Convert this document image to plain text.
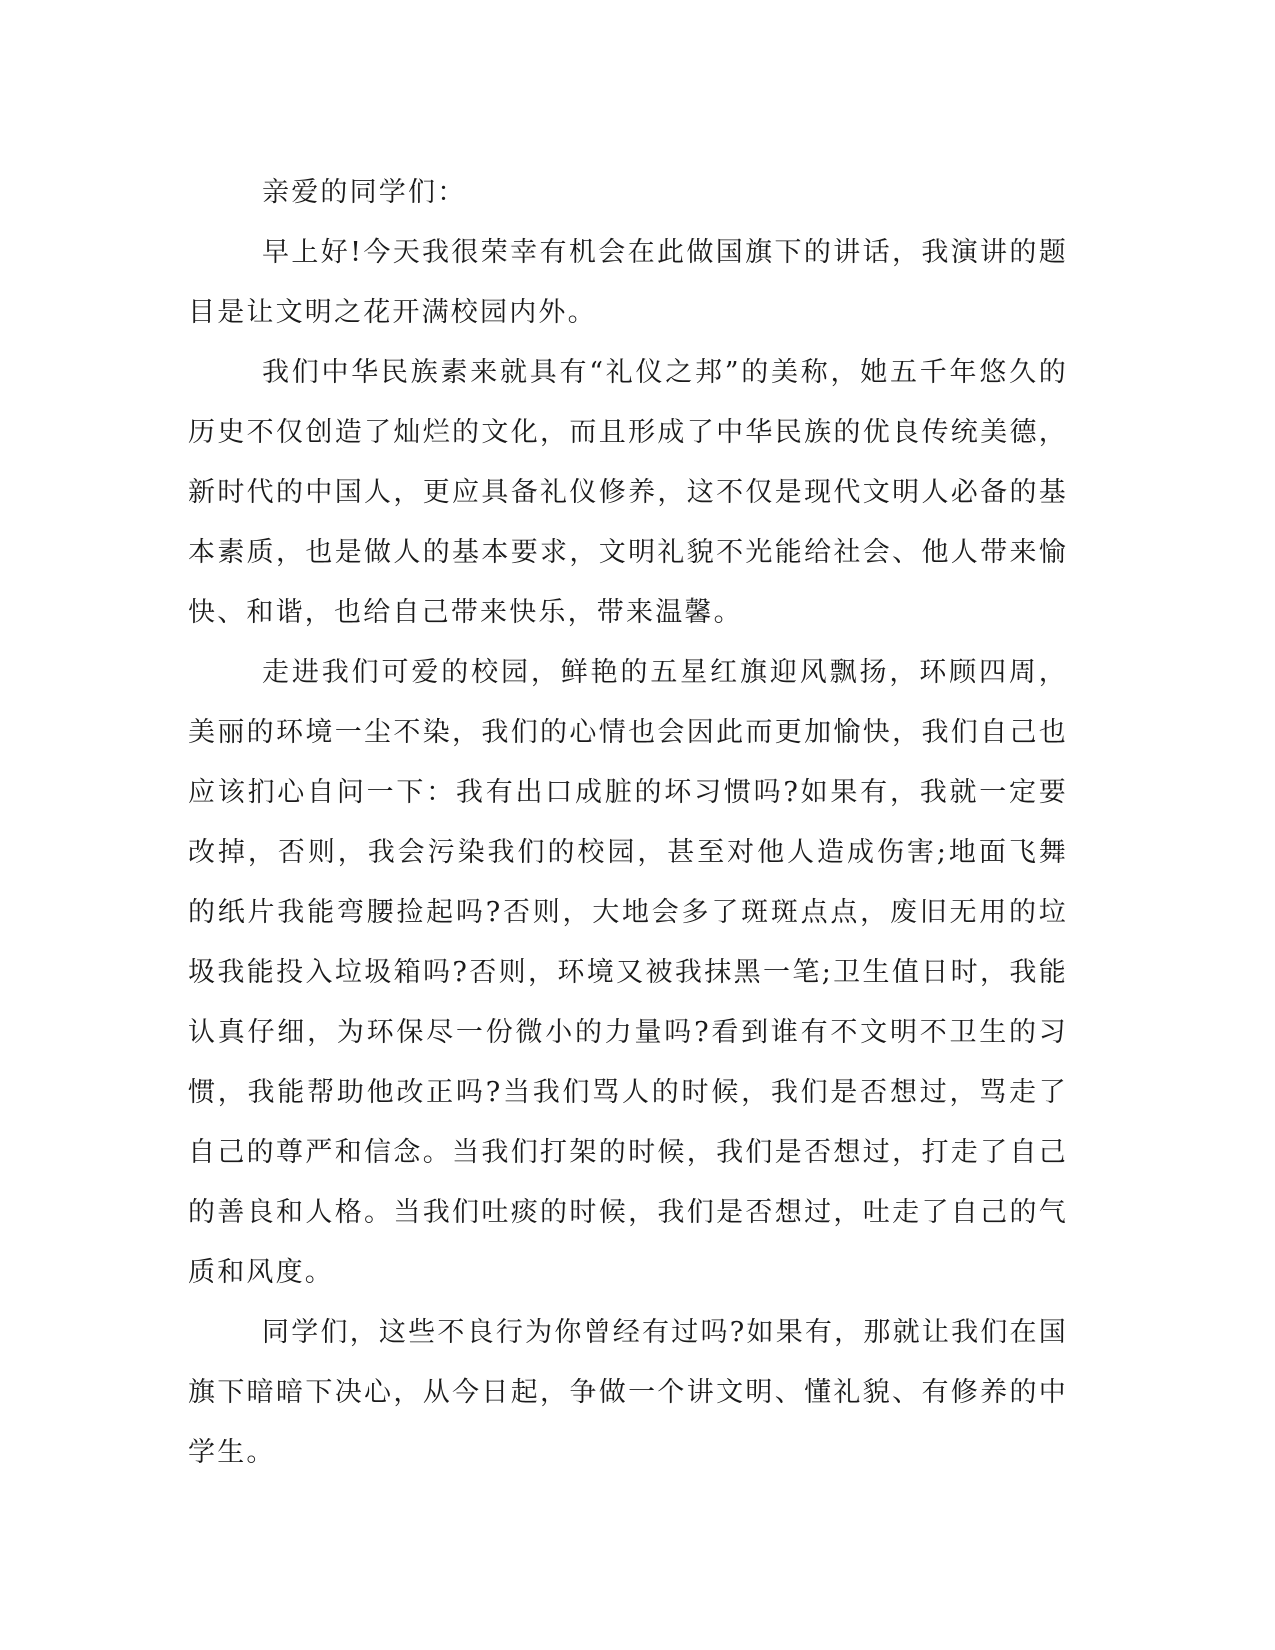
亲爱的同学们：

早上好!今天我很荣幸有机会在此做国旗下的讲话，我演讲的题目是让文明之花开满校园内外。

我们中华民族素来就具有“礼仪之邦”的美称，她五千年悠久的历史不仅创造了灿烂的文化，而且形成了中华民族的优良传统美德，新时代的中国人，更应具备礼仪修养，这不仅是现代文明人必备的基本素质，也是做人的基本要求，文明礼貌不光能给社会、他人带来愉快、和谐，也给自己带来快乐，带来温馨。

走进我们可爱的校园，鲜艳的五星红旗迎风飘扬，环顾四周，美丽的环境一尘不染，我们的心情也会因此而更加愉快，我们自己也应该扪心自问一下：我有出口成脏的坏习惯吗?如果有，我就一定要改掉，否则，我会污染我们的校园，甚至对他人造成伤害;地面飞舞的纸片我能弯腰捡起吗?否则，大地会多了斑斑点点，废旧无用的垃圾我能投入垃圾箱吗?否则，环境又被我抹黑一笔;卫生值日时，我能认真仔细，为环保尽一份微小的力量吗?看到谁有不文明不卫生的习惯，我能帮助他改正吗?当我们骂人的时候，我们是否想过，骂走了自己的尊严和信念。当我们打架的时候，我们是否想过，打走了自己的善良和人格。当我们吐痰的时候，我们是否想过，吐走了自己的气质和风度。

同学们，这些不良行为你曾经有过吗?如果有，那就让我们在国旗下暗暗下决心，从今日起，争做一个讲文明、懂礼貌、有修养的中学生。
